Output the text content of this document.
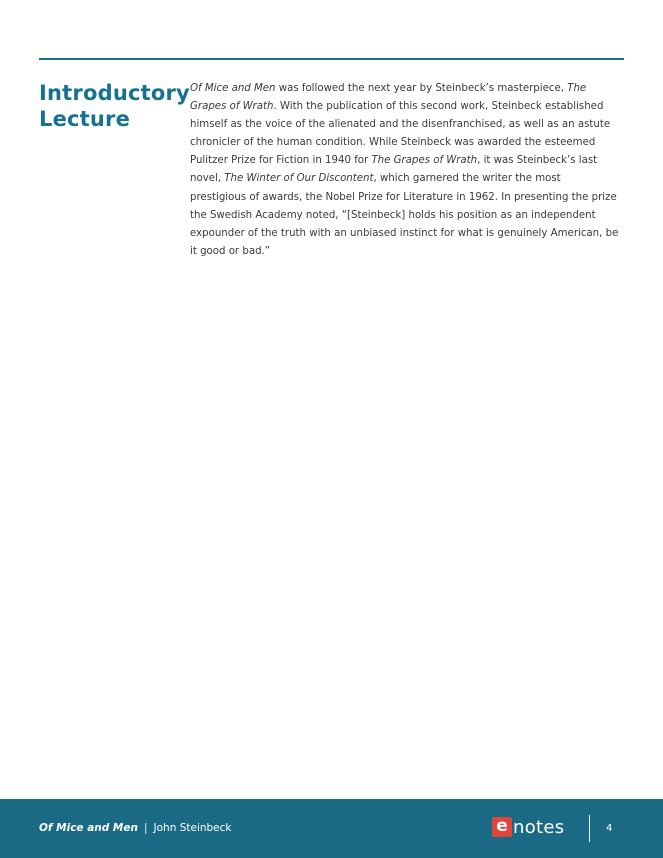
Introductory Lecture
Of Mice and Men was followed the next year by Steinbeck’s masterpiece, The Grapes of Wrath. With the publication of this second work, Steinbeck established himself as the voice of the alienated and the disenfranchised, as well as an astute chronicler of the human condition. While Steinbeck was awarded the esteemed Pulitzer Prize for Fiction in 1940 for The Grapes of Wrath, it was Steinbeck’s last novel, The Winter of Our Discontent, which garnered the writer the most prestigious of awards, the Nobel Prize for Literature in 1962. In presenting the prize the Swedish Academy noted, “[Steinbeck] holds his position as an independent expounder of the truth with an unbiased instinct for what is genuinely American, be it good or bad.”
Of Mice and Men | John Steinbeck	e notes	4
